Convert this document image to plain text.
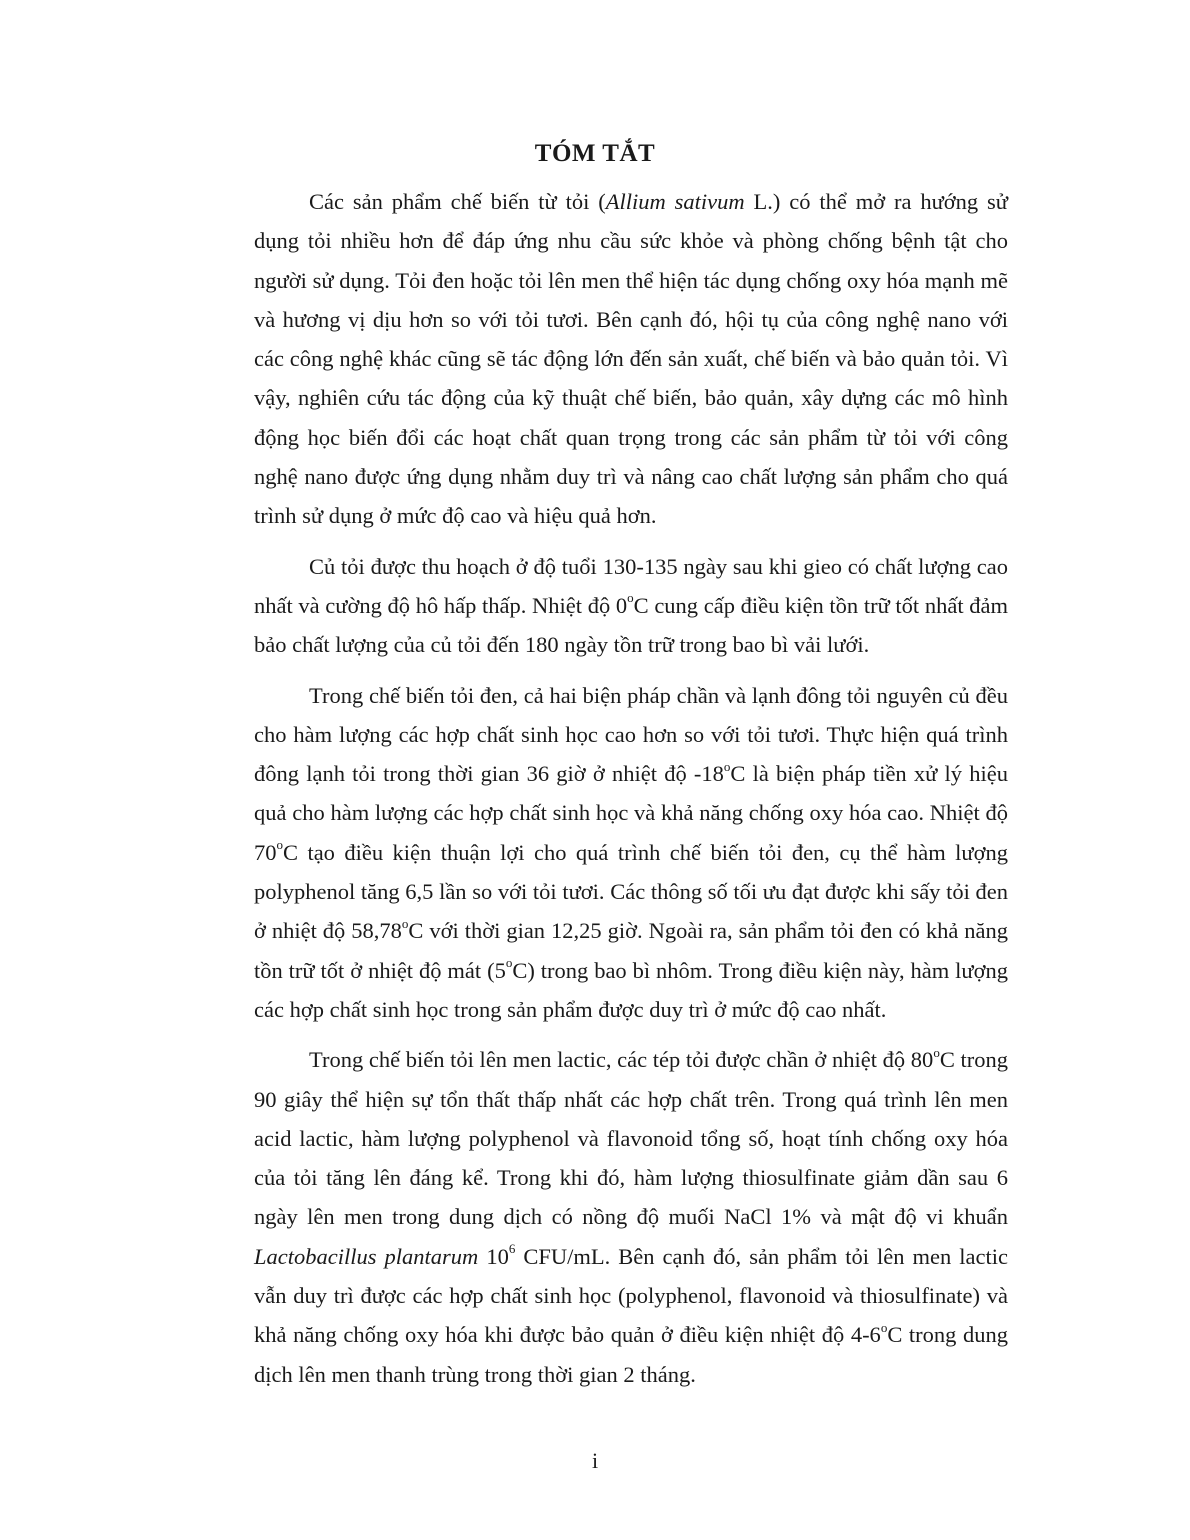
TÓM TẮT

Các sản phẩm chế biến từ tỏi (Allium sativum L.) có thể mở ra hướng sử dụng tỏi nhiều hơn để đáp ứng nhu cầu sức khỏe và phòng chống bệnh tật cho người sử dụng. Tỏi đen hoặc tỏi lên men thể hiện tác dụng chống oxy hóa mạnh mẽ và hương vị dịu hơn so với tỏi tươi. Bên cạnh đó, hội tụ của công nghệ nano với các công nghệ khác cũng sẽ tác động lớn đến sản xuất, chế biến và bảo quản tỏi. Vì vậy, nghiên cứu tác động của kỹ thuật chế biến, bảo quản, xây dựng các mô hình động học biến đổi các hoạt chất quan trọng trong các sản phẩm từ tỏi với công nghệ nano được ứng dụng nhằm duy trì và nâng cao chất lượng sản phẩm cho quá trình sử dụng ở mức độ cao và hiệu quả hơn.

Củ tỏi được thu hoạch ở độ tuổi 130-135 ngày sau khi gieo có chất lượng cao nhất và cường độ hô hấp thấp. Nhiệt độ 0$^o$C cung cấp điều kiện tồn trữ tốt nhất đảm bảo chất lượng của củ tỏi đến 180 ngày tồn trữ trong bao bì vải lưới.

Trong chế biến tỏi đen, cả hai biện pháp chần và lạnh đông tỏi nguyên củ đều cho hàm lượng các hợp chất sinh học cao hơn so với tỏi tươi. Thực hiện quá trình đông lạnh tỏi trong thời gian 36 giờ ở nhiệt độ -18$^o$C là biện pháp tiền xử lý hiệu quả cho hàm lượng các hợp chất sinh học và khả năng chống oxy hóa cao. Nhiệt độ 70$^o$C tạo điều kiện thuận lợi cho quá trình chế biến tỏi đen, cụ thể hàm lượng polyphenol tăng 6,5 lần so với tỏi tươi. Các thông số tối ưu đạt được khi sấy tỏi đen ở nhiệt độ 58,78$^o$C với thời gian 12,25 giờ. Ngoài ra, sản phẩm tỏi đen có khả năng tồn trữ tốt ở nhiệt độ mát (5$^o$C) trong bao bì nhôm. Trong điều kiện này, hàm lượng các hợp chất sinh học trong sản phẩm được duy trì ở mức độ cao nhất.

Trong chế biến tỏi lên men lactic, các tép tỏi được chần ở nhiệt độ 80$^o$C trong 90 giây thể hiện sự tổn thất thấp nhất các hợp chất trên. Trong quá trình lên men acid lactic, hàm lượng polyphenol và flavonoid tổng số, hoạt tính chống oxy hóa của tỏi tăng lên đáng kể. Trong khi đó, hàm lượng thiosulfinate giảm dần sau 6 ngày lên men trong dung dịch có nồng độ muối NaCl 1% và mật độ vi khuẩn Lactobacillus plantarum $10^6$ CFU/mL. Bên cạnh đó, sản phẩm tỏi lên men lactic vẫn duy trì được các hợp chất sinh học (polyphenol, flavonoid và thiosulfinate) và khả năng chống oxy hóa khi được bảo quản ở điều kiện nhiệt độ 4-6$^o$C trong dung dịch lên men thanh trùng trong thời gian 2 tháng.

i
